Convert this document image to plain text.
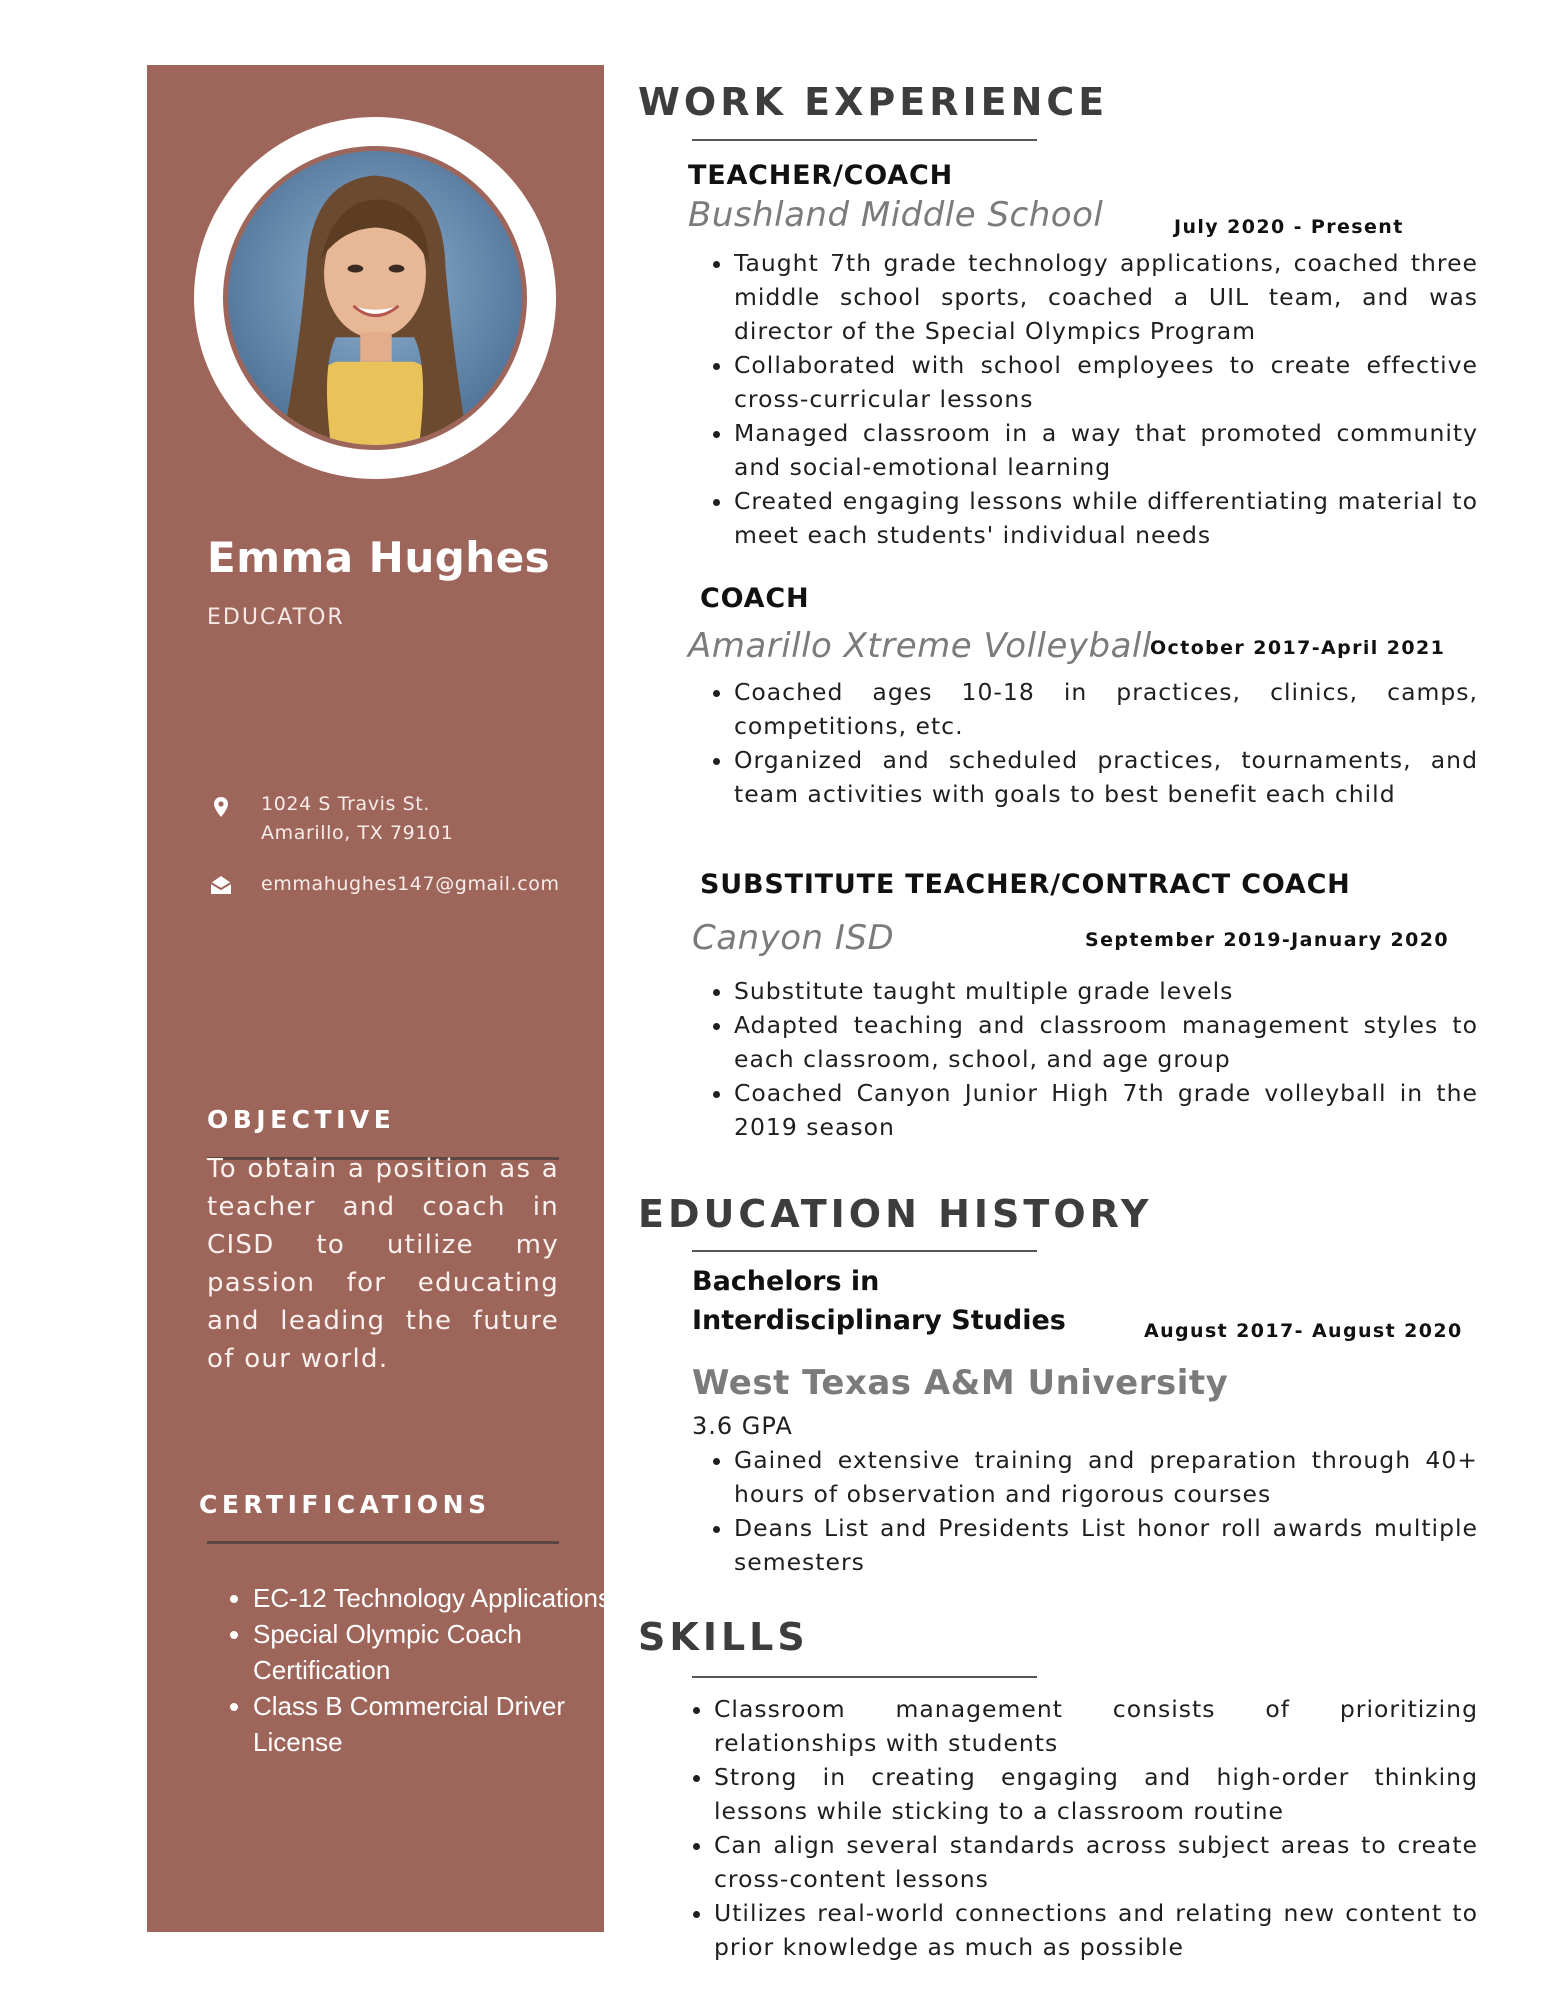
Emma Hughes
EDUCATOR
1024 S Travis St.
Amarillo, TX 79101
emmahughes147@gmail.com
OBJECTIVE
To obtain a position as a teacher and coach in CISD to utilize my passion for educating and leading the future of our world.
CERTIFICATIONS
• EC-12 Technology Applications
• Special Olympic Coach Certification
• Class B Commercial Driver License
WORK EXPERIENCE
TEACHER/COACH
Bushland Middle School	July 2020 - Present
• Taught 7th grade technology applications, coached three middle school sports, coached a UIL team, and was director of the Special Olympics Program
• Collaborated with school employees to create effective cross-curricular lessons
• Managed classroom in a way that promoted community and social-emotional learning
• Created engaging lessons while differentiating material to meet each students' individual needs
COACH
Amarillo Xtreme Volleyball
October 2017-April 2021
• Coached ages 10-18 in practices, clinics, camps, competitions, etc.
• Organized and scheduled practices, tournaments, and team activities with goals to best benefit each child
SUBSTITUTE TEACHER/CONTRACT COACH
Canyon ISD	September 2019-January 2020
• Substitute taught multiple grade levels
• Adapted teaching and classroom management styles to each classroom, school, and age group
• Coached Canyon Junior High 7th grade volleyball in the 2019 season
EDUCATION HISTORY
Bachelors in
Interdisciplinary Studies	August 2017- August 2020
West Texas A&M University
3.6 GPA
• Gained extensive training and preparation through 40+ hours of observation and rigorous courses
• Deans List and Presidents List honor roll awards multiple semesters
SKILLS
• Classroom management consists of prioritizing relationships with students
• Strong in creating engaging and high-order thinking lessons while sticking to a classroom routine
• Can align several standards across subject areas to create cross-content lessons
• Utilizes real-world connections and relating new content to prior knowledge as much as possible
